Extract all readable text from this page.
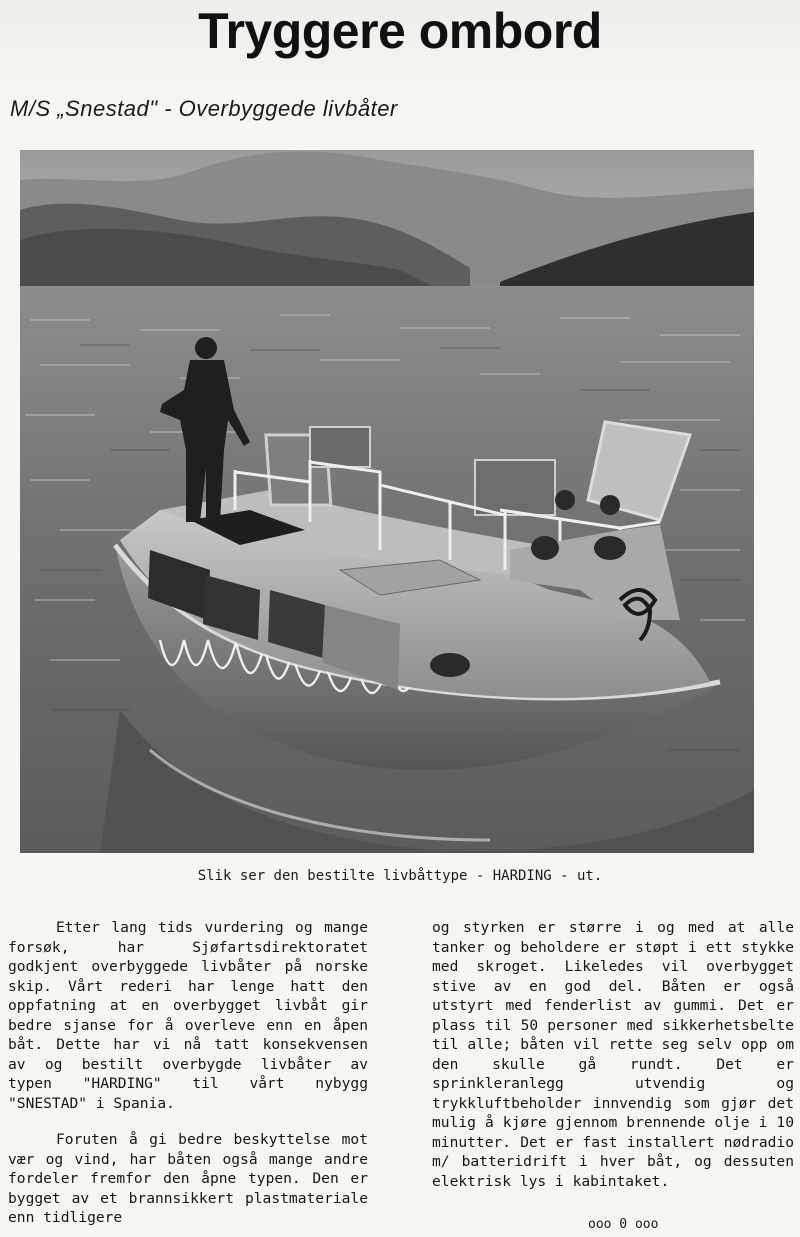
Tryggere ombord
M/S „Snestad" - Overbyggede livbåter
Slik ser den bestilte livbåttype - HARDING - ut.

Etter lang tids vurdering og mange forsøk, har Sjøfartsdirektoratet godkjent overbyggede livbåter på norske skip. Vårt rederi har lenge hatt den oppfatning at en overbygget livbåt gir bedre sjanse for å overleve enn en åpen båt. Dette har vi nå tatt konsekvensen av og bestilt overbygde livbåter av typen "HARDING" til vårt nybygg "SNESTAD" i Spania.

Foruten å gi bedre beskyttelse mot vær og vind, har båten også mange andre fordeler fremfor den åpne typen. Den er bygget av et brannsikkert plastmateriale enn tidligere

og styrken er større i og med at alle tanker og beholdere er støpt i ett stykke med skroget. Likeledes vil overbygget stive av en god del. Båten er også utstyrt med fenderlist av gummi. Det er plass til 50 personer med sikkerhetsbelte til alle; båten vil rette seg selv opp om den skulle gå rundt. Det er sprinkleranlegg utvendig og trykkluftbeholder innvendig som gjør det mulig å kjøre gjennom brennende olje i 10 minutter. Det er fast installert nødradio m/ batteridrift i hver båt, og dessuten elektrisk lys i kabintaket.

ooo 0 ooo
